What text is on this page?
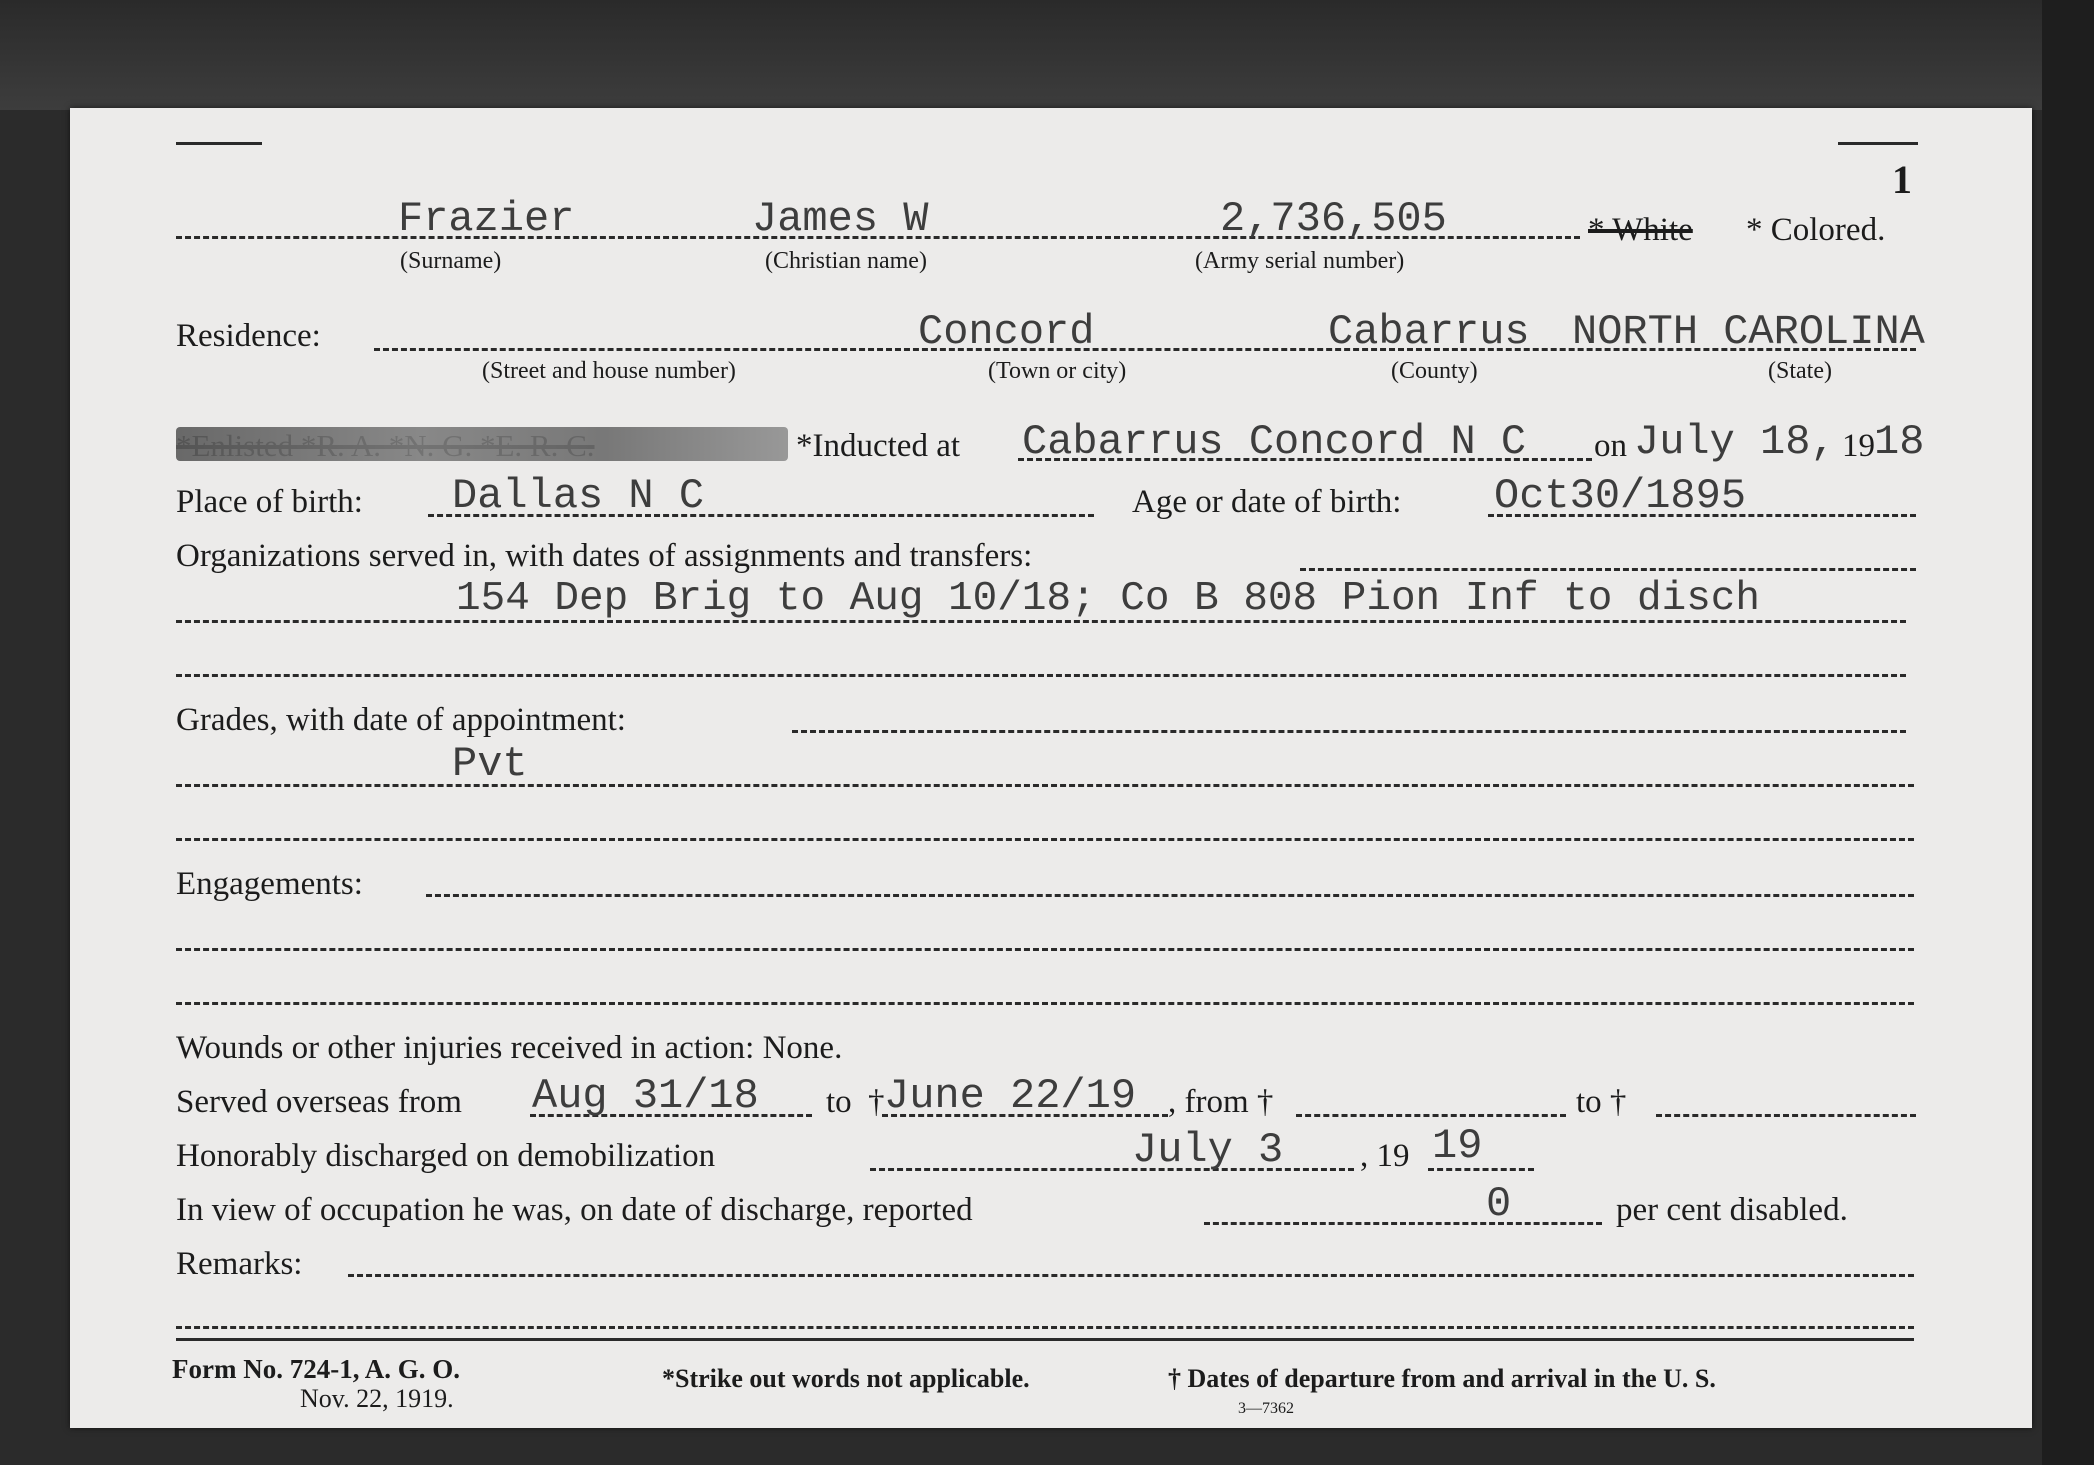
1
Frazier
(Surname)
James W
(Christian name)
2,736,505
(Army serial number)
* White * Colored.
Residence:
(Street and house number)
Concord
(Town or city)
Cabarrus
(County)
NORTH CAROLINA
(State)
*Inducted at Cabarrus Concord N C on July 18, 19 18
Place of birth: Dallas N C	Age or date of birth: Oct30/1895
Organizations served in, with dates of assignments and transfers:
154 Dep Brig to Aug 10/18; Co B 808 Pion Inf to disch
Grades, with date of appointment:
Pvt
Engagements:
Wounds or other injuries received in action: None.
Served overseas from Aug 31/18 to † June 22/19 , from †	to †
Honorably discharged on demobilization	July 3 , 19 19
In view of occupation he was, on date of discharge, reported	0	per cent disabled.
Remarks:
Form No. 724-1, A. G. O.
Nov. 22, 1919.
*Strike out words not applicable.	† Dates of departure from and arrival in the U. S.
3—7362
